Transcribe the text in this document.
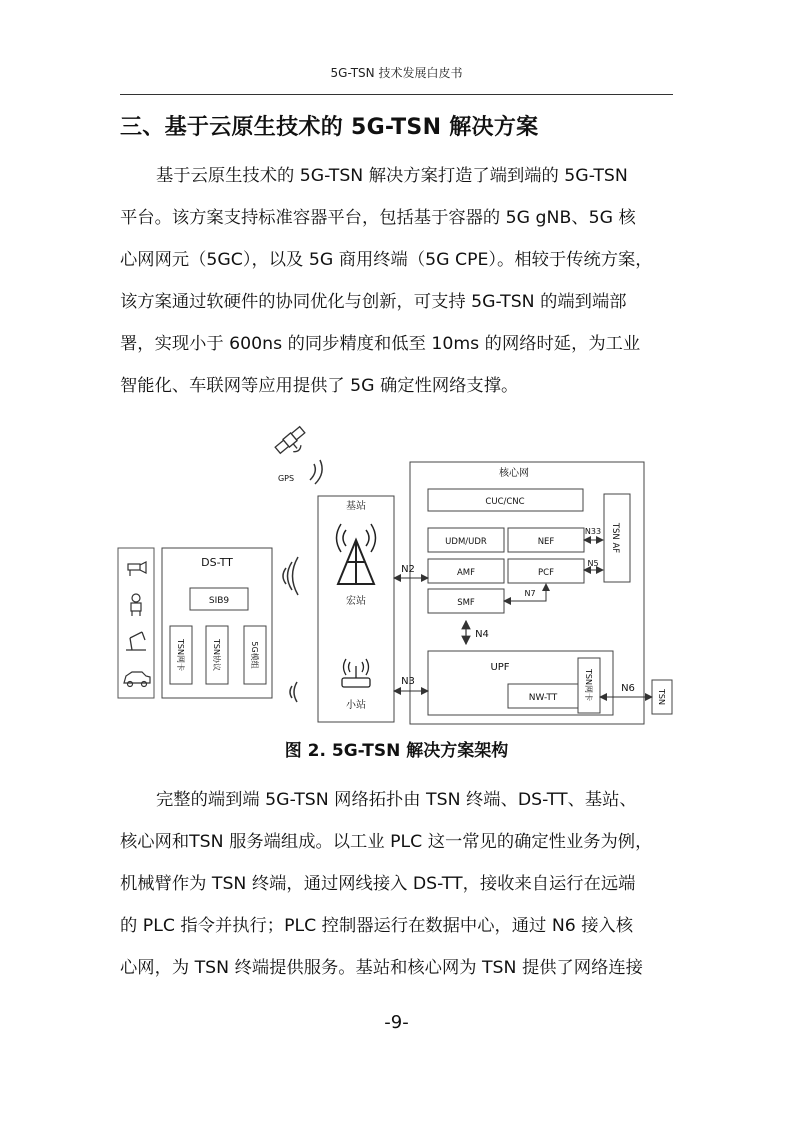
5G-TSN 技术发展白皮书
三、基于云原生技术的 5G-TSN 解决方案
基于云原生技术的 5G-TSN 解决方案打造了端到端的 5G-TSN
平台。该方案支持标准容器平台，包括基于容器的 5G gNB、5G 核
心网网元（5GC），以及 5G 商用终端（5G CPE）。相较于传统方案，
该方案通过软硬件的协同优化与创新，可支持 5G-TSN 的端到端部
署，实现小于 600ns 的同步精度和低至 10ms 的网络时延，为工业
智能化、车联网等应用提供了 5G 确定性网络支撑。
GPS
DS-TT
SIB9
TSN网卡	TSN协议	5G模组
基站
宏站
小站
核心网
CUC/CNC
UDM/UDR	NEF
AMF	PCF
SMF
TSN AF
N33
N5
N7
N4
UPF
NW-TT	TSN网卡
N2
N3
N6
TSN
图 2. 5G-TSN 解决方案架构
完整的端到端 5G-TSN 网络拓扑由 TSN 终端、DS-TT、基站、
核心网和TSN 服务端组成。以工业 PLC 这一常见的确定性业务为例，
机械臂作为 TSN 终端，通过网线接入 DS-TT，接收来自运行在远端
的 PLC 指令并执行；PLC 控制器运行在数据中心，通过 N6 接入核
心网，为 TSN 终端提供服务。基站和核心网为 TSN 提供了网络连接
-9-
